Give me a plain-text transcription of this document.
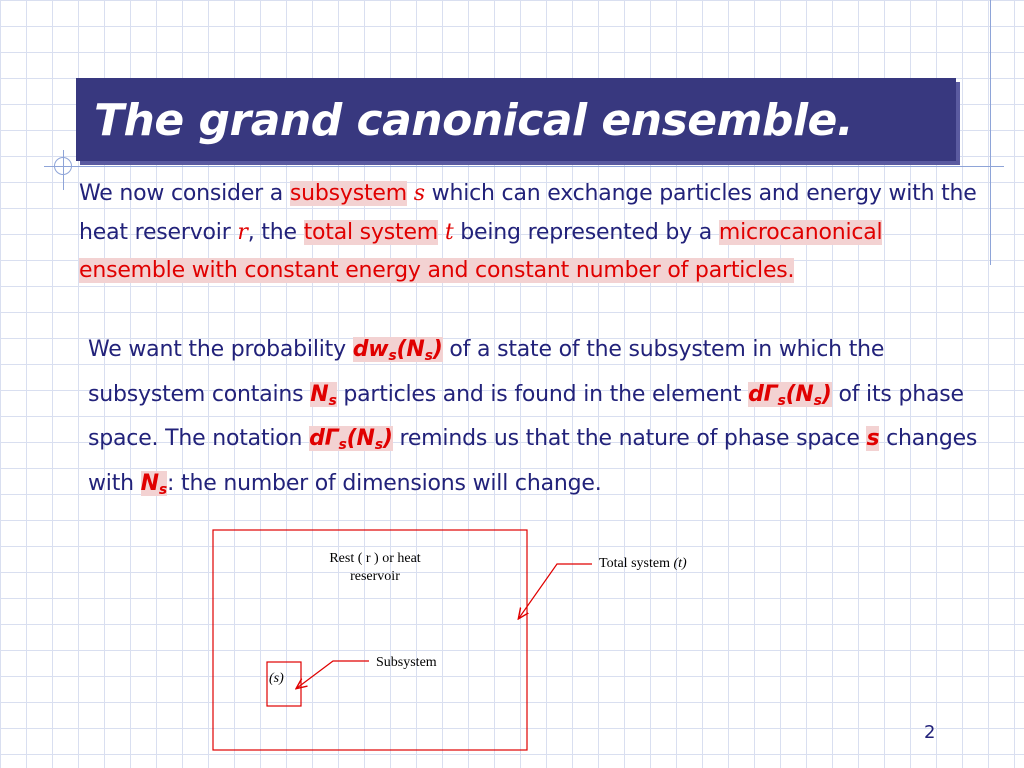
The grand canonical ensemble.
We now consider a subsystem s which can exchange particles and energy with the heat reservoir r, the total system t being represented by a microcanonical ensemble with constant energy and constant number of particles.
We want the probability $dw_s(N_s)$ of a state of the subsystem in which the subsystem contains $N_s$ particles and is found in the element $d\Gamma_s(N_s)$ of its phase space. The notation $d\Gamma_s(N_s)$ reminds us that the nature of phase space s changes with $N_s$: the number of dimensions will change.
Rest ( r ) or heat
reservoir
Total system (t)
Subsystem
(s)
2
